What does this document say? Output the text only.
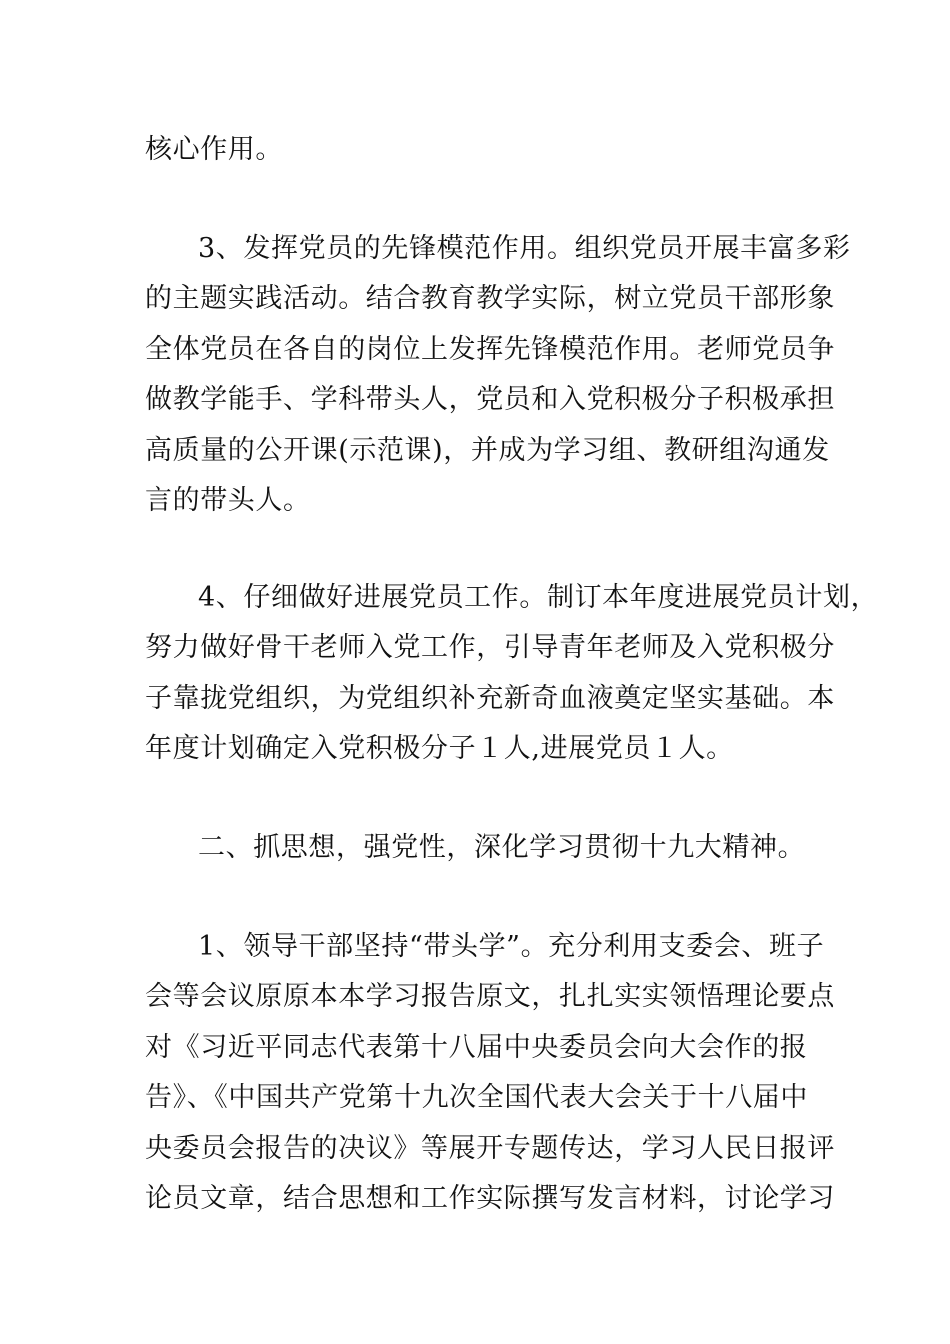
核心作用。
3、发挥党员的先锋模范作用。组织党员开展丰富多彩
的主题实践活动。结合教育教学实际，树立党员干部形象
全体党员在各自的岗位上发挥先锋模范作用。老师党员争
做教学能手、学科带头人，党员和入党积极分子积极承担
高质量的公开课(示范课)，并成为学习组、教研组沟通发
言的带头人。
4、仔细做好进展党员工作。制订本年度进展党员计划，
努力做好骨干老师入党工作，引导青年老师及入党积极分
子靠拢党组织，为党组织补充新奇血液奠定坚实基础。本
年度计划确定入党积极分子１人,进展党员１人。
二、抓思想，强党性，深化学习贯彻十九大精神。
1、领导干部坚持“带头学”。充分利用支委会、班子
会等会议原原本本学习报告原文，扎扎实实领悟理论要点
对《习近平同志代表第十八届中央委员会向大会作的报
告》、《中国共产党第十九次全国代表大会关于十八届中
央委员会报告的决议》等展开专题传达，学习人民日报评
论员文章，结合思想和工作实际撰写发言材料，讨论学习
